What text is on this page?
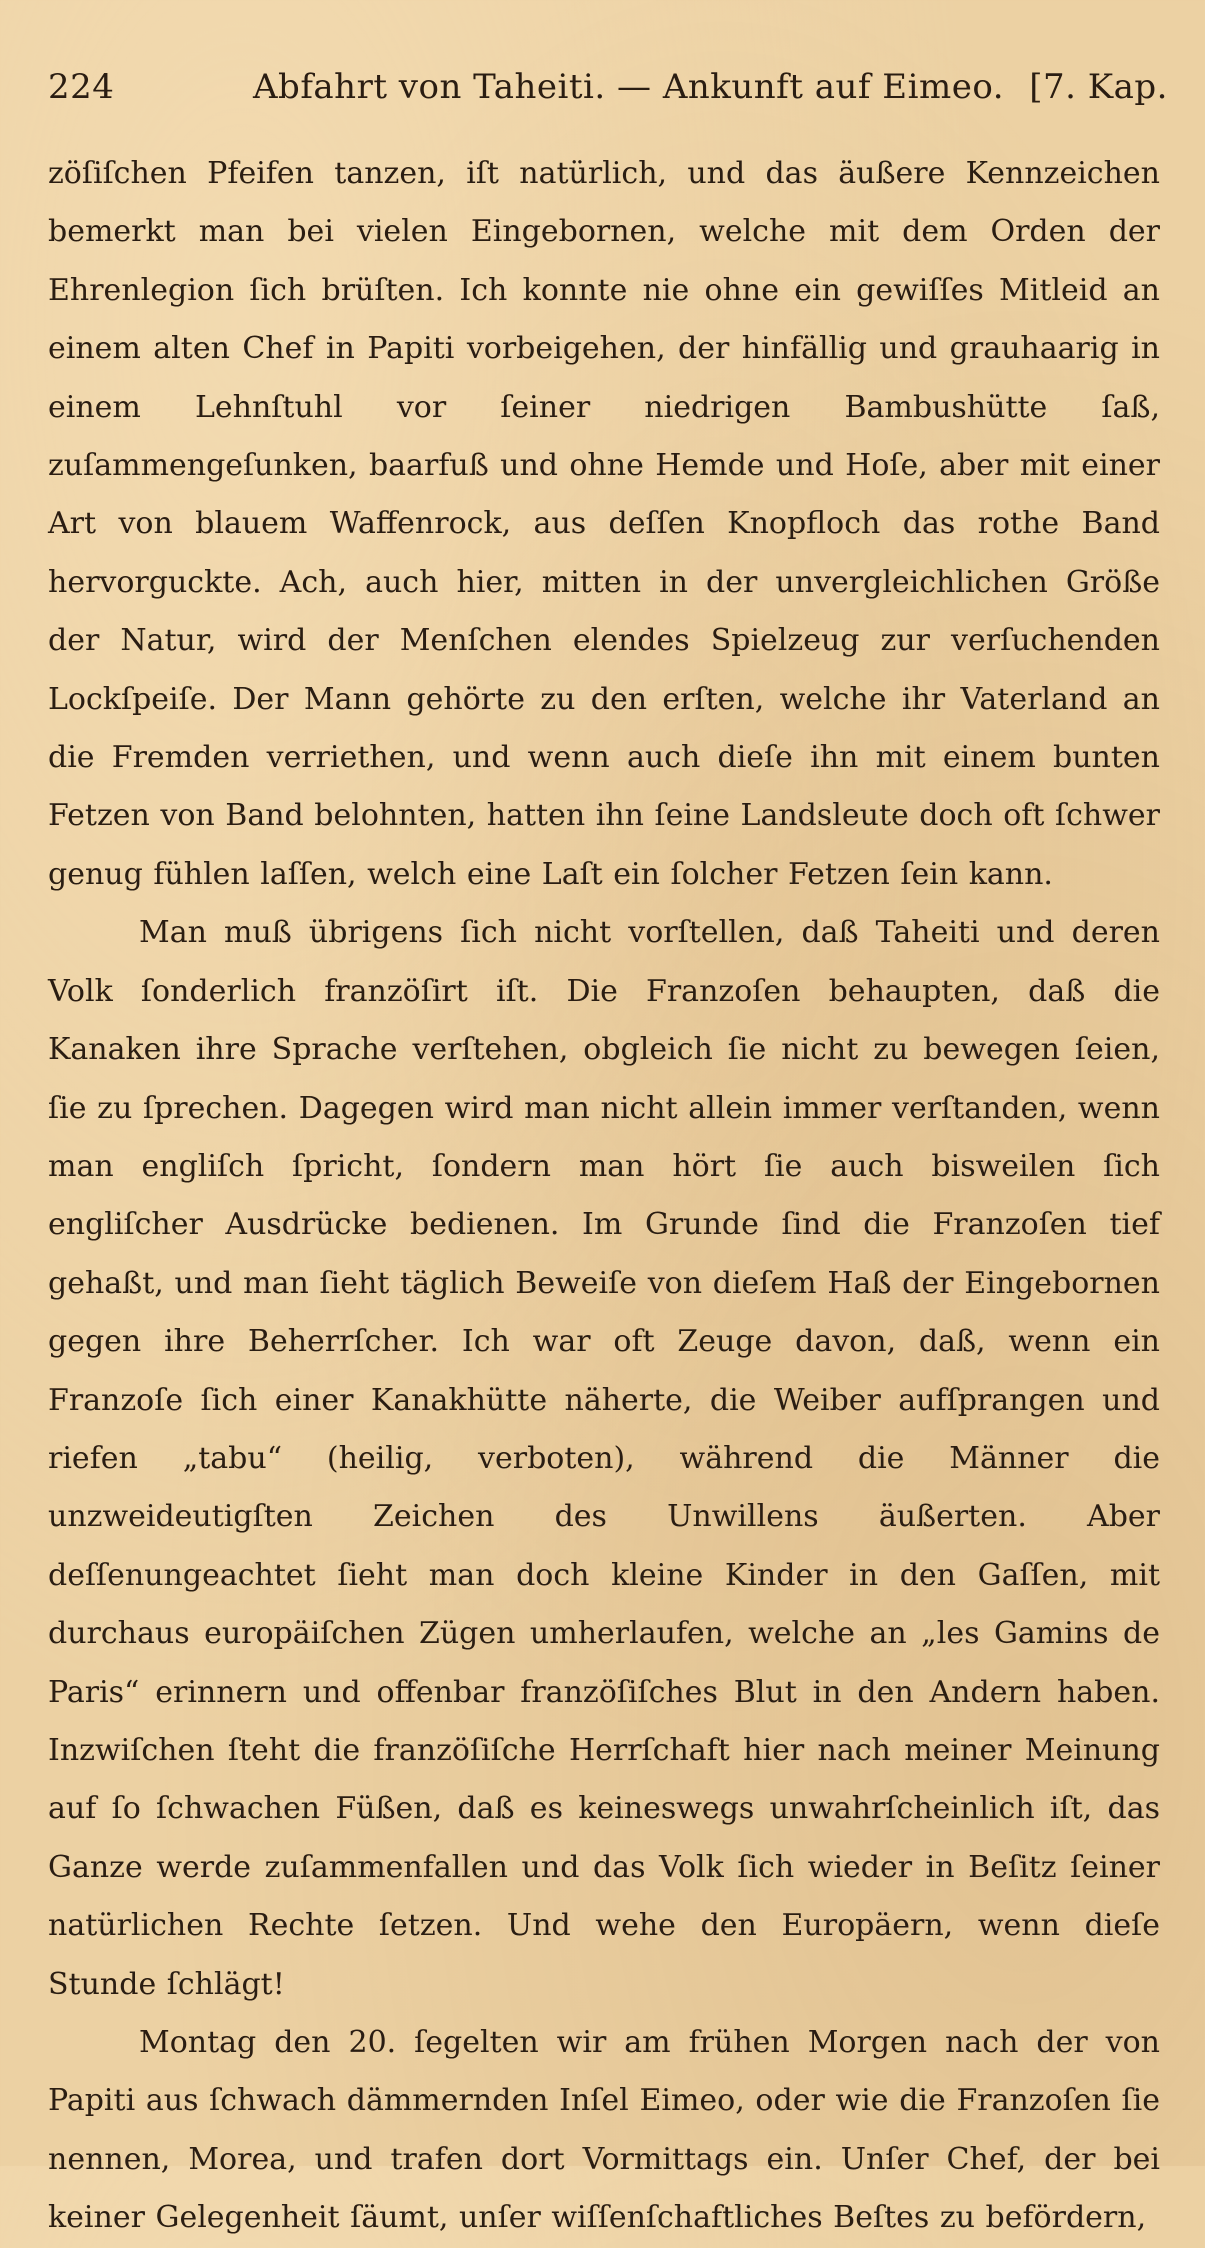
224	Abfahrt von Taheiti. — Ankunft auf Eimeo. [7. Kap.

zöſiſchen Pfeifen tanzen, iſt natürlich, und das äußere Kennzeichen bemerkt man bei vielen Eingebornen, welche mit dem Orden der Ehrenlegion ſich brüſten. Ich konnte nie ohne ein gewiſſes Mitleid an einem alten Chef in Papiti vorbeigehen, der hinfällig und grauhaarig in einem Lehnſtuhl vor ſeiner niedrigen Bambushütte ſaß, zuſammengeſunken, baarfuß und ohne Hemde und Hoſe, aber mit einer Art von blauem Waffenrock, aus deſſen Knopfloch das rothe Band hervorguckte. Ach, auch hier, mitten in der unvergleichlichen Größe der Natur, wird der Menſchen elendes Spielzeug zur verſuchenden Lockſpeiſe. Der Mann gehörte zu den erſten, welche ihr Vaterland an die Fremden verriethen, und wenn auch dieſe ihn mit einem bunten Fetzen von Band belohnten, hatten ihn ſeine Landsleute doch oft ſchwer genug fühlen laſſen, welch eine Laſt ein ſolcher Fetzen ſein kann.

Man muß übrigens ſich nicht vorſtellen, daß Taheiti und deren Volk ſonderlich franzöſirt iſt. Die Franzoſen behaupten, daß die Kanaken ihre Sprache verſtehen, obgleich ſie nicht zu bewegen ſeien, ſie zu ſprechen. Dagegen wird man nicht allein immer verſtanden, wenn man engliſch ſpricht, ſondern man hört ſie auch bisweilen ſich engliſcher Ausdrücke bedienen. Im Grunde ſind die Franzoſen tief gehaßt, und man ſieht täglich Beweiſe von dieſem Haß der Eingebornen gegen ihre Beherrſcher. Ich war oft Zeuge davon, daß, wenn ein Franzoſe ſich einer Kanakhütte näherte, die Weiber aufſprangen und riefen „tabu“ (heilig, verboten), während die Männer die unzweideutigſten Zeichen des Unwillens äußerten. Aber deſſenungeachtet ſieht man doch kleine Kinder in den Gaſſen, mit durchaus europäiſchen Zügen umherlaufen, welche an „les Gamins de Paris“ erinnern und offenbar franzöſiſches Blut in den Andern haben. Inzwiſchen ſteht die franzöſiſche Herrſchaft hier nach meiner Meinung auf ſo ſchwachen Füßen, daß es keineswegs unwahrſcheinlich iſt, das Ganze werde zuſammenfallen und das Volk ſich wieder in Beſitz ſeiner natürlichen Rechte ſetzen. Und wehe den Europäern, wenn dieſe Stunde ſchlägt!

Montag den 20. ſegelten wir am frühen Morgen nach der von Papiti aus ſchwach dämmernden Inſel Eimeo, oder wie die Franzoſen ſie nennen, Morea, und trafen dort Vormittags ein. Unſer Chef, der bei keiner Gelegenheit ſäumt, unſer wiſſenſchaftliches Beſtes zu befördern,
